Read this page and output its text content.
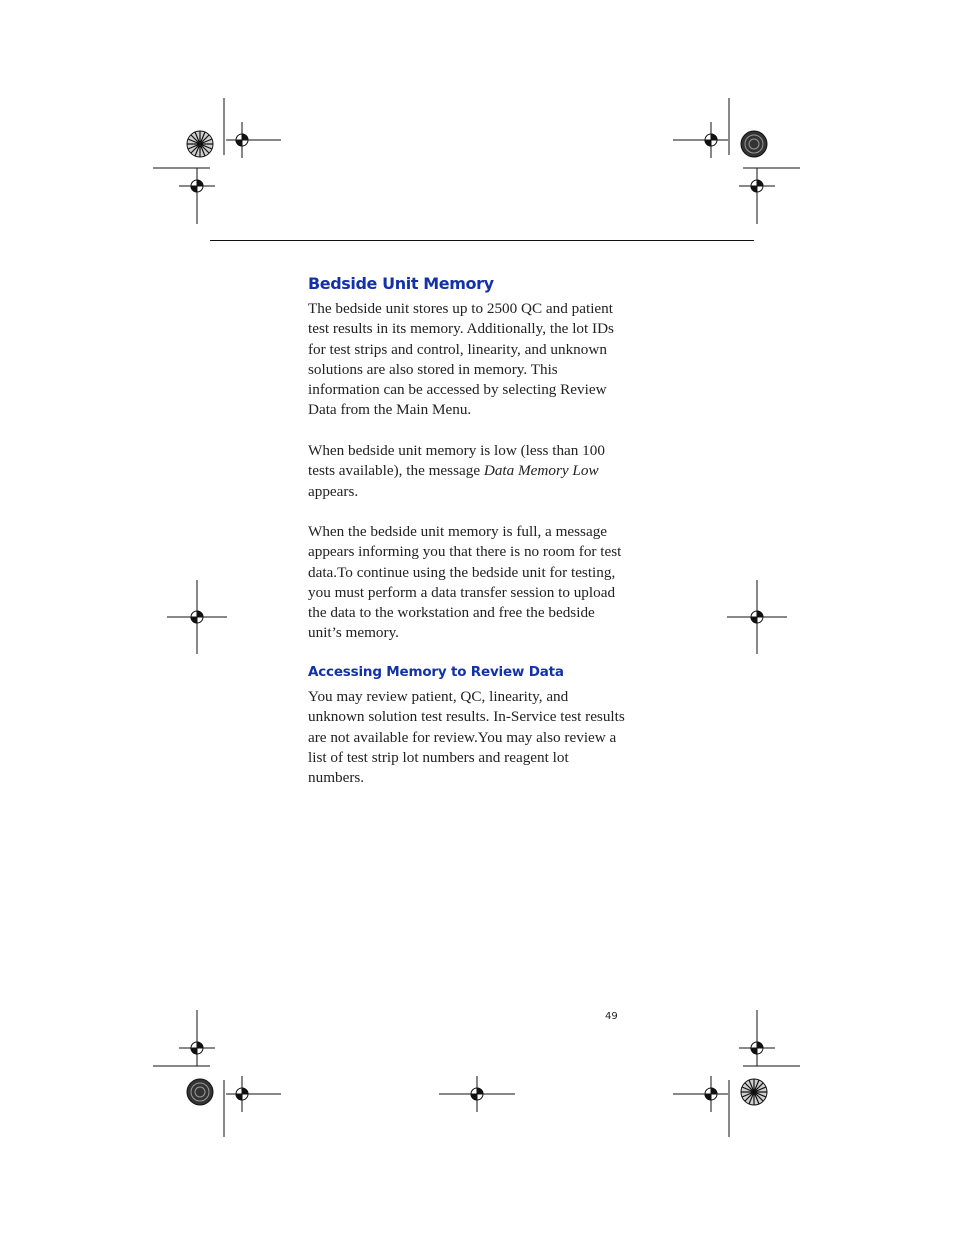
Bedside Unit Memory

The bedside unit stores up to 2500 QC and patient test results in its memory. Additionally, the lot IDs for test strips and control, linearity, and unknown solutions are also stored in memory. This information can be accessed by selecting Review Data from the Main Menu.

When bedside unit memory is low (less than 100 tests available), the message Data Memory Low appears.

When the bedside unit memory is full, a message appears informing you that there is no room for test data.To continue using the bedside unit for testing, you must perform a data transfer session to upload the data to the workstation and free the bedside unit’s memory.

Accessing Memory to Review Data

You may review patient, QC, linearity, and unknown solution test results. In-Service test results are not available for review.You may also review a list of test strip lot numbers and reagent lot numbers.

49
